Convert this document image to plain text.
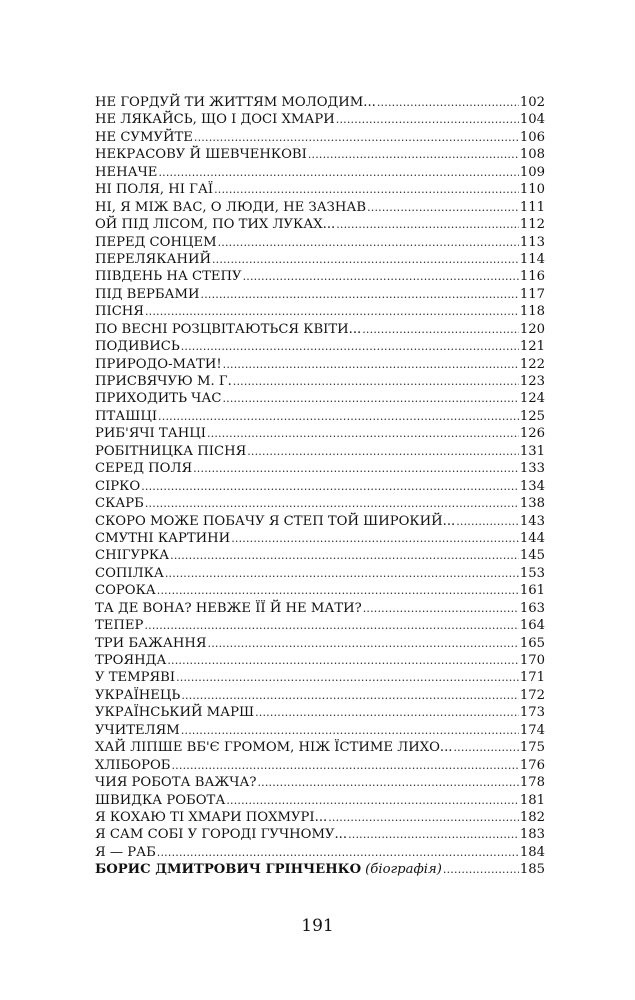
НЕ ГОРДУЙ ТИ ЖИТТЯМ МОЛОДИМ... .....	102
НЕ ЛЯКАЙСЬ, ЩО І ДОСІ ХМАРИ .....	104
НЕ СУМУЙТЕ .....	106
НЕКРАСОВУ Й ШЕВЧЕНКОВІ .....	108
НЕНАЧЕ .....	109
НІ ПОЛЯ, НІ ГАЇ .....	110
НІ, Я МІЖ ВАС, О ЛЮДИ, НЕ ЗАЗНАВ .....	111
ОЙ ПІД ЛІСОМ, ПО ТИХ ЛУКАХ... .....	112
ПЕРЕД СОНЦЕМ .....	113
ПЕРЕЛЯКАНИЙ .....	114
ПІВДЕНЬ НА СТЕПУ .....	116
ПІД ВЕРБАМИ .....	117
ПІСНЯ .....	118
ПО ВЕСНІ РОЗЦВІТАЮТЬСЯ КВІТИ... .....	120
ПОДИВИСЬ .....	121
ПРИРОДО-МАТИ! .....	122
ПРИСВЯЧУЮ М. Г. .....	123
ПРИХОДИТЬ ЧАС .....	124
ПТАШЦІ .....	125
РИБ'ЯЧІ ТАНЦІ .....	126
РОБІТНИЦКА ПІСНЯ .....	131
СЕРЕД ПОЛЯ .....	133
СІРКО .....	134
СКАРБ .....	138
СКОРО МОЖЕ ПОБАЧУ Я СТЕП ТОЙ ШИРОКИЙ... .....	143
СМУТНІ КАРТИНИ .....	144
СНІГУРКА .....	145
СОПІЛКА .....	153
СОРОКА .....	161
ТА ДЕ ВОНА? НЕВЖЕ ЇЇ Й НЕ МАТИ? .....	163
ТЕПЕР .....	164
ТРИ БАЖАННЯ .....	165
ТРОЯНДА .....	170
У ТЕМРЯВІ .....	171
УКРАЇНЕЦЬ .....	172
УКРАЇНСЬКИЙ МАРШ .....	173
УЧИТЕЛЯМ .....	174
ХАЙ ЛІПШЕ ВБ'Є ГРОМОМ, НІЖ ЇСТИМЕ ЛИХО... .....	175
ХЛІБОРОБ .....	176
ЧИЯ РОБОТА ВАЖЧА? .....	178
ШВИДКА РОБОТА .....	181
Я КОХАЮ ТІ ХМАРИ ПОХМУРІ... .....	182
Я САМ СОБІ У ГОРОДІ ГУЧНОМУ... .....	183
Я — РАБ .....	184
БОРИС ДМИТРОВИЧ ГРІНЧЕНКО (біографія) .....	185
191
